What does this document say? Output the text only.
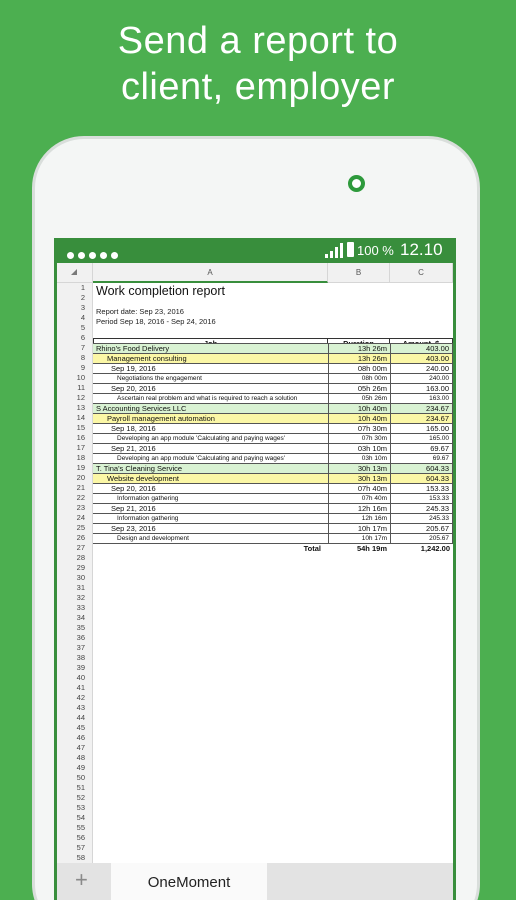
Send a report to
client, employer
100 % 12.10
A	B	C
1
2
3
4
5
6
7
8
9
10
11
12
13
14
15
16
17
18
19
20
21
22
23
24
25
26
27
28
29
30
31
32
33
34
35
36
37
38
39
40
41
42
43
44
45
46
47
48
49
50
51
52
53
54
55
56
57
58
Work completion report
Report date: Sep 23, 2016
Period Sep 18, 2016 - Sep 24, 2016
Rhino's Food Delivery	13h 26m	403.00
Management consulting	13h 26m	403.00
Sep 19, 2016	08h 00m	240.00
Negotiations the engagement	08h 00m	240.00
Sep 20, 2016	05h 26m	163.00
Ascertain real problem and what is required to reach a solution	05h 26m	163.00
S Accounting Services LLC	10h 40m	234.67
Payroll management automation	10h 40m	234.67
Sep 18, 2016	07h 30m	165.00
Developing an app module 'Calculating and paying wages'	07h 30m	165.00
Sep 21, 2016	03h 10m	69.67
Developing an app module 'Calculating and paying wages'	03h 10m	69.67
T. Tina's Cleaning Service	30h 13m	604.33
Website development	30h 13m	604.33
Sep 20, 2016	07h 40m	153.33
Information gathering	07h 40m	153.33
Sep 21, 2016	12h 16m	245.33
Information gathering	12h 16m	245.33
Sep 23, 2016	10h 17m	205.67
Design and development	10h 17m	205.67
Total	54h 19m	1,242.00
+	OneMoment
